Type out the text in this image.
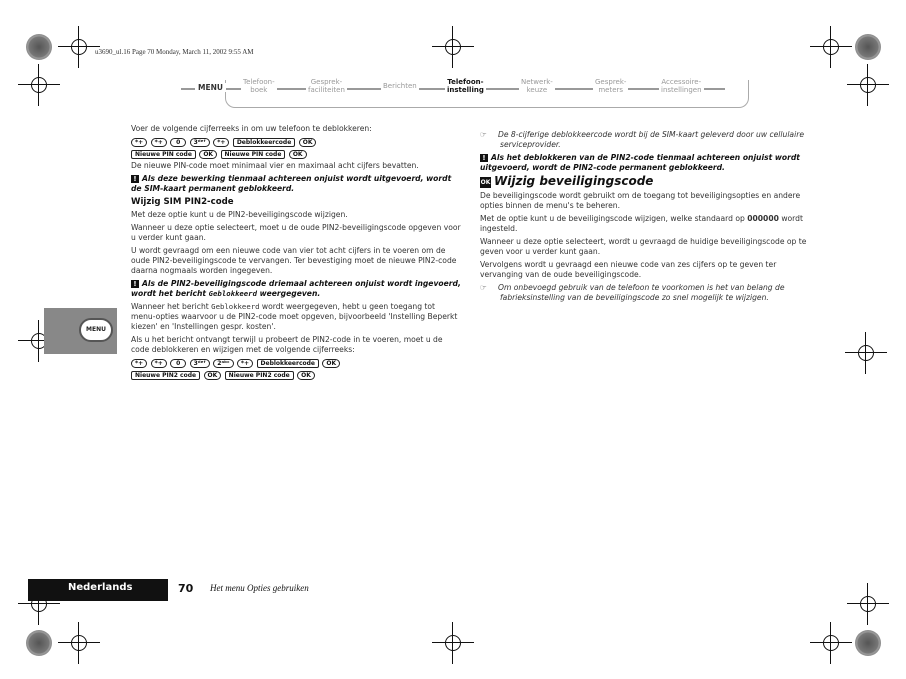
u3690_ul.16 Page 70 Monday, March 11, 2002 9:55 AM
MENU
Telefoon-
boek
Gesprek-
faciliteiten	Berichten	Telefoon-
instelling
Netwerk-
keuze
Gesprek-
meters
Accessoire-
instellingen
MENU

Voer de volgende cijferreeks in om uw telefoon te deblokkeren:

*+ *+ 0 3ᵈᵉᶠ *+ Deblokkeercode OK
Nieuwe PIN code OK Nieuwe PIN code OK

De nieuwe PIN-code moet minimaal vier en maximaal acht cijfers bevatten.

! Als deze bewerking tienmaal achtereen onjuist wordt uitgevoerd, wordt de SIM-kaart permanent geblokkeerd.

Wijzig SIM PIN2-code

Met deze optie kunt u de PIN2-beveiligingscode wijzigen.

Wanneer u deze optie selecteert, moet u de oude PIN2-beveiligingscode opgeven voor u verder kunt gaan.

U wordt gevraagd om een nieuwe code van vier tot acht cijfers in te voeren om de oude PIN2-beveiligingscode te vervangen. Ter bevestiging moet de nieuwe PIN2-code daarna nogmaals worden ingegeven.

! Als de PIN2-beveiligingscode driemaal achtereen onjuist wordt ingevoerd, wordt het bericht Geblokkeerd weergegeven.

Wanneer het bericht Geblokkeerd wordt weergegeven, hebt u geen toegang tot menu-opties waarvoor u de PIN2-code moet opgeven, bijvoorbeeld 'Instelling Beperkt kiezen' en 'Instellingen gespr. kosten'.

Als u het bericht ontvangt terwijl u probeert de PIN2-code in te voeren, moet u de code deblokkeren en wijzigen met de volgende cijferreeks:

*+ *+ 0 3ᵈᵉᶠ 2ᵃᵇᶜ *+ Deblokkeercode OK
Nieuwe PIN2 code OK Nieuwe PIN2 code OK

☞ De 8-cijferige deblokkeercode wordt bij de SIM-kaart geleverd door uw cellulaire serviceprovider.

! Als het deblokkeren van de PIN2-code tienmaal achtereen onjuist wordt uitgevoerd, wordt de PIN2-code permanent geblokkeerd.

OK Wijzig beveiligingscode

De beveiligingscode wordt gebruikt om de toegang tot beveiligingsopties en andere opties binnen de menu's te beheren.

Met de optie kunt u de beveiligingscode wijzigen, welke standaard op 000000 wordt ingesteld.

Wanneer u deze optie selecteert, wordt u gevraagd de huidige beveiligingscode op te geven voor u verder kunt gaan.

Vervolgens wordt u gevraagd een nieuwe code van zes cijfers op te geven ter vervanging van de oude beveiligingscode.

☞ Om onbevoegd gebruik van de telefoon te voorkomen is het van belang de fabrieksinstelling van de beveiligingscode zo snel mogelijk te wijzigen.

Nederlands	70 Het menu Opties gebruiken
